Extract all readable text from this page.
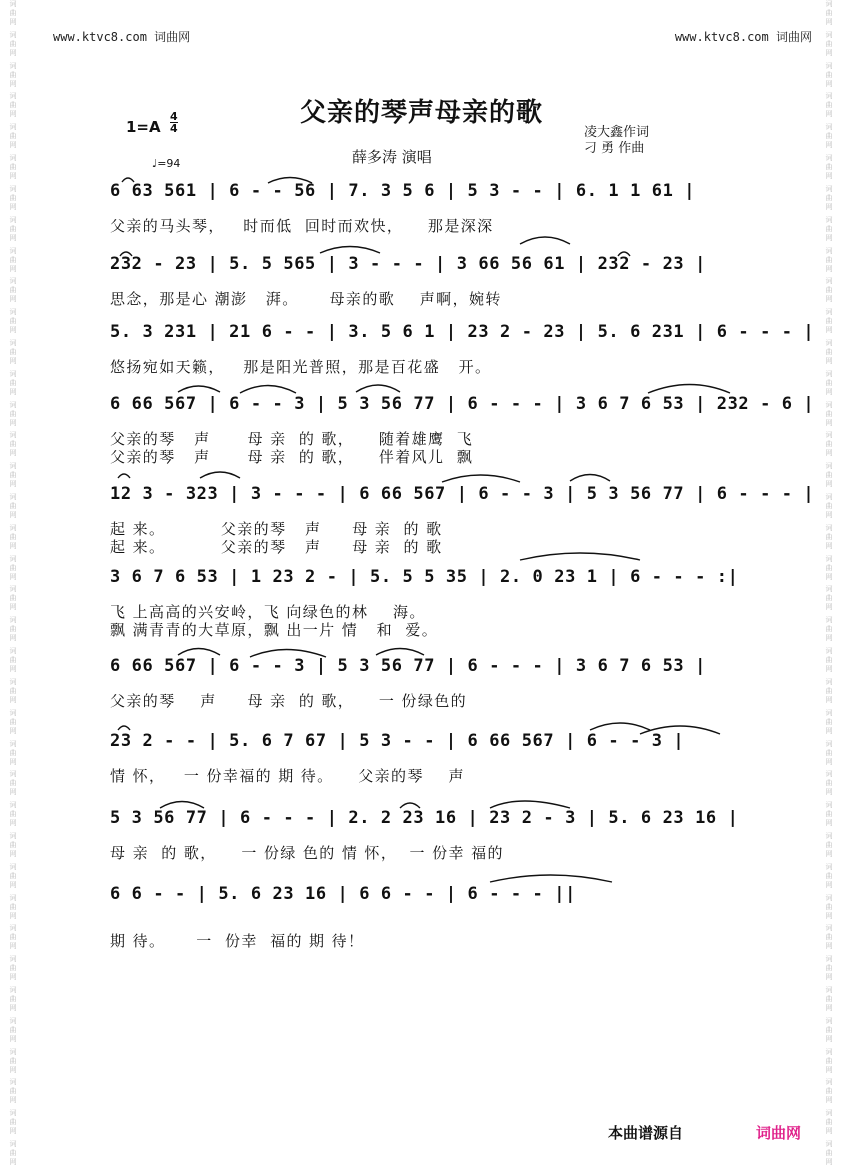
词
曲
网
词
曲
网
词
曲
网
词
曲
网
词
曲
网
词
曲
网
词
曲
网
词
曲
网
词
曲
网
词
曲
网
词
曲
网
词
曲
网
词
曲
网
词
曲
网
词
曲
网
词
曲
网
词
曲
网
词
曲
网
词
曲
网
词
曲
网
词
曲
网
词
曲
网
词
曲
网
词
曲
网
词
曲
网
词
曲
网
词
曲
网
词
曲
网
词
曲
网
词
曲
网
词
曲
网
词
曲
网
词
曲
网
词
曲
网
词
曲
网
词
曲
网
词
曲
网
词
曲
网
词
曲
网
词
曲
网
词
曲
网
词
曲
网
词
曲
网
词
曲
网
词
曲
网
词
曲
网
词
曲
网
词
曲
网
词
曲
网
词
曲
网
词
曲
网
词
曲
网
词
曲
网
词
曲
网
词
曲
网
词
曲
网
词
曲
网
词
曲
网
词
曲
网
词
曲
网
词
曲
网
词
曲
网
词
曲
网
词
曲
网
词
曲
网
词
曲
网
词
曲
网
词
曲
网
词
曲
网
词
曲
网
词
曲
网
词
曲
网
词
曲
网
词
曲
网
词
曲
网
词
曲
网
www.ktvc8.com 词曲网	www.ktvc8.com 词曲网
父亲的琴声母亲的歌
1=A
4
4	凌大鑫作词
刁 勇 作曲
薛多涛 演唱
♩=94
6 63 561 | 6 - - 56 | 7. 3 5 6 | 5 3 - - | 6. 1 1 61 |
父亲的马头琴，   时而低  回时而欢快，    那是深深
232 - 23 | 5. 5 565 | 3 - - - | 3 66 56 61 | 232 - 23 |
思念，那是心 潮澎   湃。     母亲的歌    声啊，婉转
5. 3 231 | 21 6 - - | 3. 5 6 1 | 23 2 - 23 | 5. 6 231 | 6 - - - |
悠扬宛如天籁，   那是阳光普照，那是百花盛   开。
6 66 567 | 6 - - 3 | 5 3 56 77 | 6 - - - | 3 6 7 6 53 | 232 - 6 |
父亲的琴   声      母 亲  的 歌，    随着雄鹰  飞
父亲的琴   声      母 亲  的 歌，    伴着风儿  飘
12 3 - 323 | 3 - - - | 6 66 567 | 6 - - 3 | 5 3 56 77 | 6 - - - |
起 来。         父亲的琴   声     母 亲  的 歌
起 来。         父亲的琴   声     母 亲  的 歌
3 6 7 6 53 | 1 23 2 - | 5. 5 5 35 | 2. 0 23 1 | 6 - - - :|
飞 上高高的兴安岭，飞 向绿色的林    海。
飘 满青青的大草原，飘 出一片 情   和  爱。
6 66 567 | 6 - - 3 | 5 3 56 77 | 6 - - - | 3 6 7 6 53 |
父亲的琴    声     母 亲  的 歌，    一 份绿色的
23 2 - - | 5. 6 7 67 | 5 3 - - | 6 66 567 | 6 - - 3 |
情 怀，   一 份幸福的 期 待。    父亲的琴    声
5 3 56 77 | 6 - - - | 2. 2 23 16 | 23 2 - 3 | 5. 6 23 16 |
母 亲  的 歌，    一 份绿 色的 情 怀，  一 份幸 福的
6 6 - - | 5. 6 23 16 | 6 6 - - | 6 - - - ||
期 待。     一  份幸  福的 期 待！
本曲谱源自	词曲网
